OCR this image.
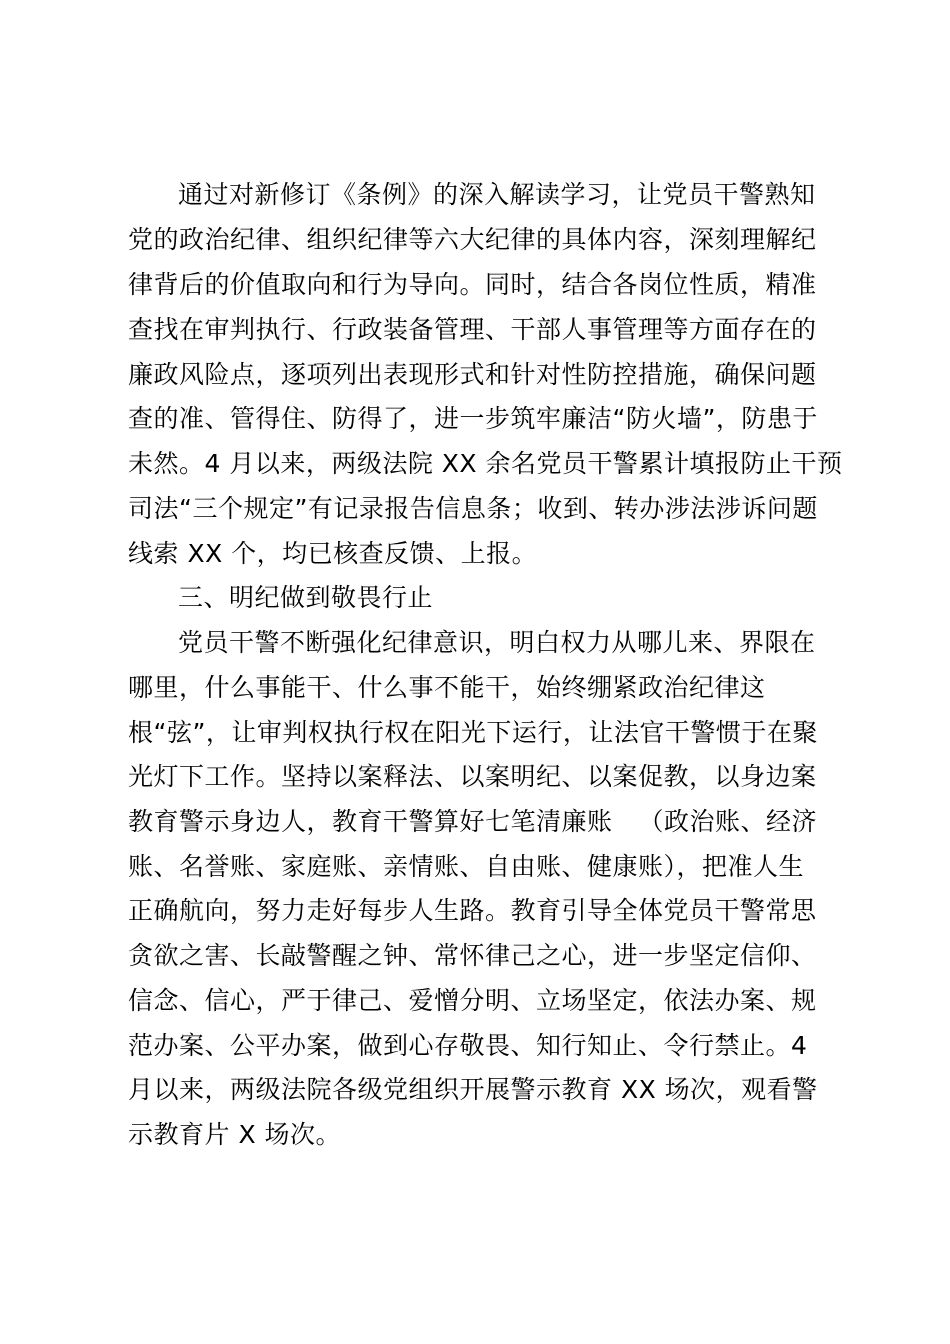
通过对新修订《条例》的深入解读学习，让党员干警熟知
党的政治纪律、组织纪律等六大纪律的具体内容，深刻理解纪
律背后的价值取向和行为导向。同时，结合各岗位性质，精准
查找在审判执行、行政装备管理、干部人事管理等方面存在的
廉政风险点，逐项列出表现形式和针对性防控措施，确保问题
查的准、管得住、防得了，进一步筑牢廉洁“防火墙”，防患于
未然。4 月以来，两级法院 XX 余名党员干警累计填报防止干预
司法“三个规定”有记录报告信息条；收到、转办涉法涉诉问题
线索 XX 个，均已核查反馈、上报。
三、明纪做到敬畏行止
党员干警不断强化纪律意识，明白权力从哪儿来、界限在
哪里，什么事能干、什么事不能干，始终绷紧政治纪律这
根“弦”，让审判权执行权在阳光下运行，让法官干警惯于在聚
光灯下工作。坚持以案释法、以案明纪、以案促教，以身边案
教育警示身边人，教育干警算好七笔清廉账 （政治账、经济
账、名誉账、家庭账、亲情账、自由账、健康账），把准人生
正确航向，努力走好每步人生路。教育引导全体党员干警常思
贪欲之害、长敲警醒之钟、常怀律己之心，进一步坚定信仰、
信念、信心，严于律己、爱憎分明、立场坚定，依法办案、规
范办案、公平办案，做到心存敬畏、知行知止、令行禁止。4
月以来，两级法院各级党组织开展警示教育 XX 场次，观看警
示教育片 X 场次。
